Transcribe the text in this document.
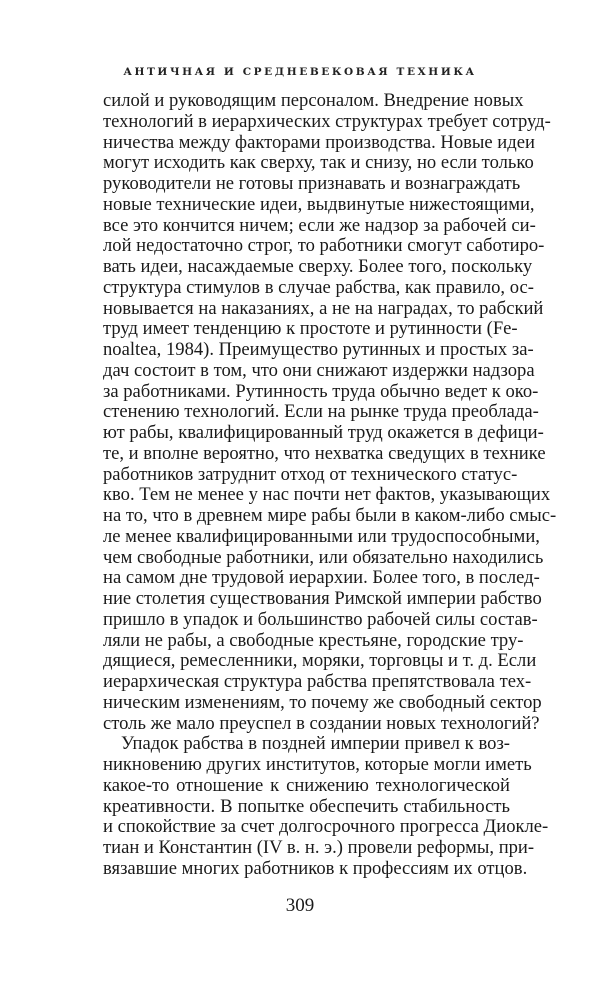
АНТИЧНАЯ И СРЕДНЕВЕКОВАЯ ТЕХНИКА
силой и руководящим персоналом. Внедрение новых
технологий в иерархических структурах требует сотруд-
ничества между факторами производства. Новые идеи
могут исходить как сверху, так и снизу, но если только
руководители не готовы признавать и вознаграждать
новые технические идеи, выдвинутые нижестоящими,
все это кончится ничем; если же надзор за рабочей си-
лой недостаточно строг, то работники смогут саботиро-
вать идеи, насаждаемые сверху. Более того, поскольку
структура стимулов в случае рабства, как правило, ос-
новывается на наказаниях, а не на наградах, то рабский
труд имеет тенденцию к простоте и рутинности (Fe-
noaltea, 1984). Преимущество рутинных и простых за-
дач состоит в том, что они снижают издержки надзора
за работниками. Рутинность труда обычно ведет к око-
стенению технологий. Если на рынке труда преоблада-
ют рабы, квалифицированный труд окажется в дефици-
те, и вполне вероятно, что нехватка сведущих в технике
работников затруднит отход от технического статус-
кво. Тем не менее у нас почти нет фактов, указывающих
на то, что в древнем мире рабы были в каком-либо смыс-
ле менее квалифицированными или трудоспособными,
чем свободные работники, или обязательно находились
на самом дне трудовой иерархии. Более того, в послед-
ние столетия существования Римской империи рабство
пришло в упадок и большинство рабочей силы состав-
ляли не рабы, а свободные крестьяне, городские тру-
дящиеся, ремесленники, моряки, торговцы и т. д. Если
иерархическая структура рабства препятствовала тех-
ническим изменениям, то почему же свободный сектор
столь же мало преуспел в создании новых технологий?
Упадок рабства в поздней империи привел к воз-
никновению других институтов, которые могли иметь
какое-то отношение к снижению технологической
креативности. В попытке обеспечить стабильность
и спокойствие за счет долгосрочного прогресса Диокле-
тиан и Константин (IV в. н. э.) провели реформы, при-
вязавшие многих работников к профессиям их отцов.
309
